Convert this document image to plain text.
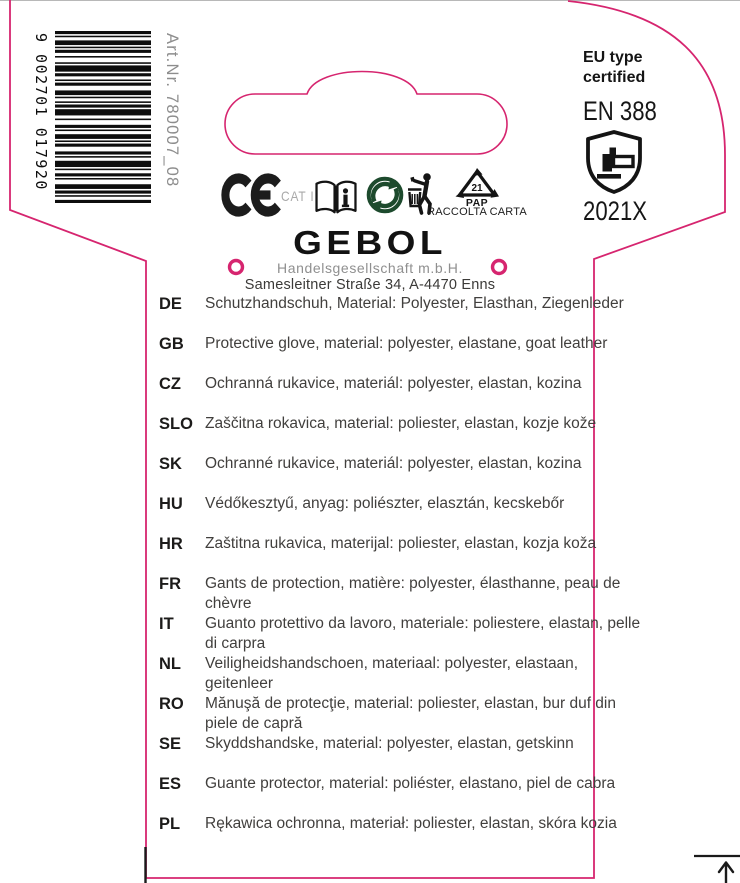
9 002701 017920	Art.Nr. 780007_08
CAT II	21
PAP
RACCOLTA CARTA
GEBOL
Handelsgesellschaft m.b.H.
Samesleitner Straße 34, A-4470 Enns
EU type
certified
EN 388
2021X
DE	Schutzhandschuh, Material: Polyester, Elasthan, Ziegenleder
GB	Protective glove, material: polyester, elastane, goat leather
CZ	Ochranná rukavice, materiál: polyester, elastan, kozina
SLO Zaščitna rokavica, material: poliester, elastan, kozje kože
SK	Ochranné rukavice, materiál: polyester, elastan, kozina
HU	Védőkesztyű, anyag: poliészter, elasztán, kecskebőr
HR	Zaštitna rukavica, materijal: poliester, elastan, kozja koža
FR	Gants de protection, matière: polyester, élasthanne, peau de chèvre
IT	Guanto protettivo da lavoro, materiale: poliestere, elastan, pelle di carpra
NL	Veiligheidshandschoen, materiaal: polyester, elastaan, geitenleer
RO	Mănuşă de protecţie, material: poliester, elastan, bur duf din piele de capră
SE	Skyddshandske, material: polyester, elastan, getskinn
ES	Guante protector, material: poliéster, elastano, piel de cabra
PL	Rękawica ochronna, materiał: poliester, elastan, skóra kozia
